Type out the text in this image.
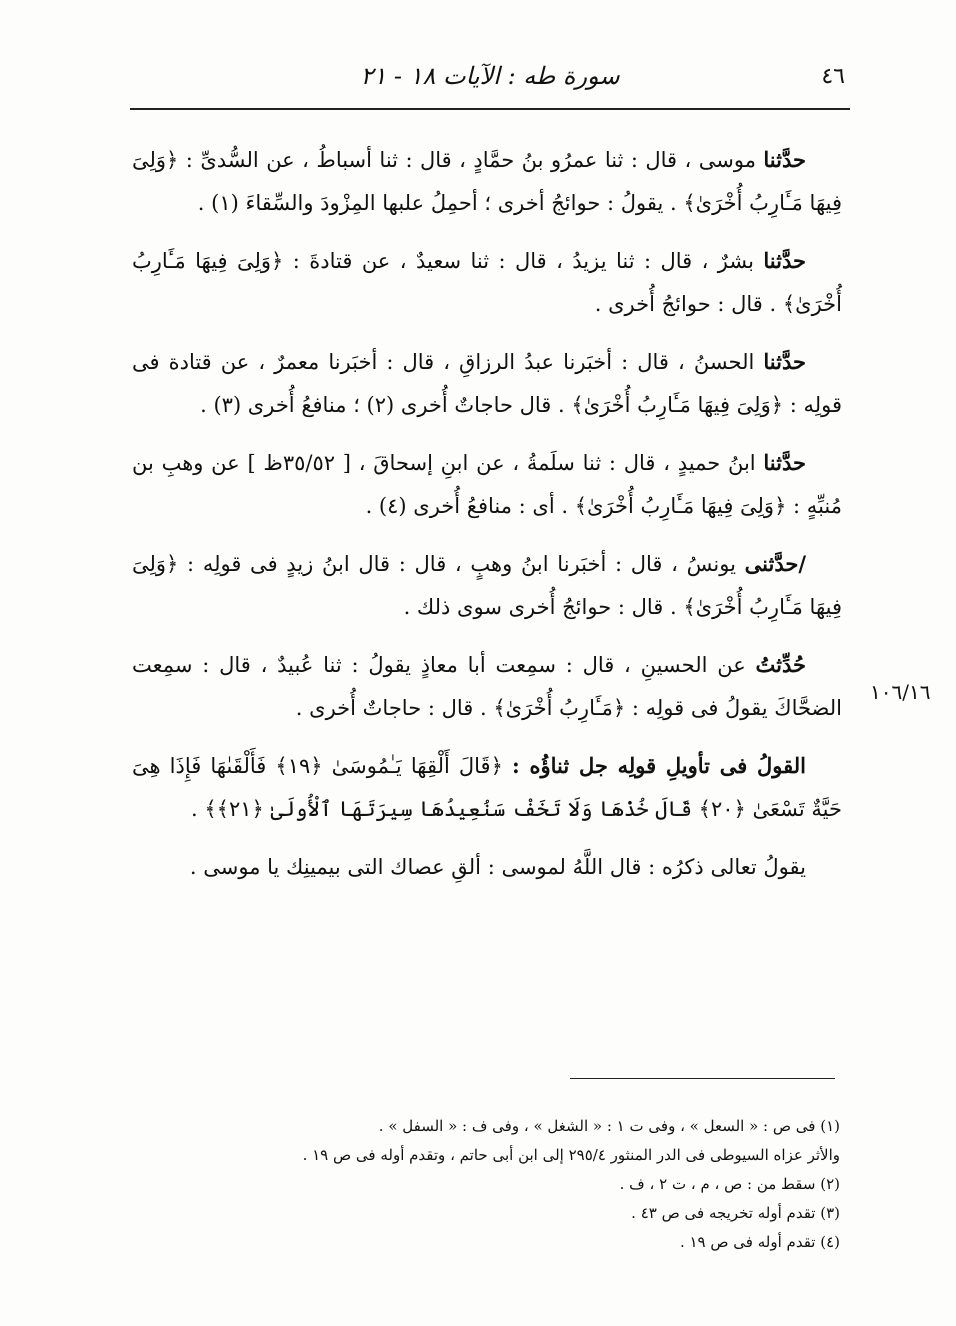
٤٦
سورة طه : الآيات ١٨ - ٢١
١٠٦/١٦

حدَّثنا موسى ، قال : ثنا عمرُو بنُ حمَّادٍ ، قال : ثنا أسباطُ ، عن السُّدىِّ : ﴿وَلِىَ فِيهَا مَـَٔارِبُ أُخْرَىٰ﴾ . يقولُ : حوائجُ أخرى ؛ أحمِلُ علبها المِزْودَ والسِّقاءَ (١) .

حدَّثنا بشرٌ ، قال : ثنا يزيدُ ، قال : ثنا سعيدٌ ، عن قتادةَ : ﴿وَلِىَ فِيهَا مَـَٔارِبُ أُخْرَىٰ﴾ . قال : حوائجُ أُخرى .

حدَّثنا الحسنُ ، قال : أخبَرنا عبدُ الرزاقِ ، قال : أخبَرنا معمرٌ ، عن قتادة فى قولِه : ﴿وَلِىَ فِيهَا مَـَٔارِبُ أُخْرَىٰ﴾ . قال حاجاتٌ أُخرى (٢) ؛ منافعُ أُخرى (٣) .

حدَّثنا ابنُ حميدٍ ، قال : ثنا سلَمةُ ، عن ابنِ إسحاقَ ، [ ٣٥/٥٢ظ ] عن وهبِ بن مُنبِّهٍ : ﴿وَلِىَ فِيهَا مَـَٔارِبُ أُخْرَىٰ﴾ . أى : منافعُ أُخرى (٤) .

/حدَّثنى يونسُ ، قال : أخبَرنا ابنُ وهبٍ ، قال : قال ابنُ زيدٍ فى قولِه : ﴿وَلِىَ فِيهَا مَـَٔارِبُ أُخْرَىٰ﴾ . قال : حوائجُ أُخرى سوى ذلك .

حُدِّثتُ عن الحسينِ ، قال : سمِعت أبا معاذٍ يقولُ : ثنا عُبيدٌ ، قال : سمِعت الضحَّاكَ يقولُ فى قولِه : ﴿مَـَٔارِبُ أُخْرَىٰ﴾ . قال : حاجاتٌ أُخرى .

القولُ فى تأويلِ قولِه جل ثناؤُه : ﴿قَالَ أَلْقِهَا يَـٰمُوسَىٰ ﴿١٩﴾ فَأَلْقَىٰهَا فَإِذَا هِىَ حَيَّةٌ تَسْعَىٰ ﴿٢٠﴾ قَالَ خُذْهَا وَلَا تَخَفْ سَنُعِيدُهَا سِيرَتَهَا ٱلْأُولَىٰ ﴿٢١﴾﴾ .

يقولُ تعالى ذكرُه : قال اللَّهُ لموسى : ألقِ عصاك التى بيمينِك يا موسى .

(١) فى ص : « السعل » ، وفى ت ١ : « الشغل » ، وفى ف : « السفل » .

والأثر عزاه السيوطى فى الدر المنثور ٢٩٥/٤ إلى ابن أبى حاتم ، وتقدم أوله فى ص ١٩ .

(٢) سقط من : ص ، م ، ت ٢ ، ف .

(٣) تقدم أوله تخريجه فى ص ٤٣ .

(٤) تقدم أوله فى ص ١٩ .
